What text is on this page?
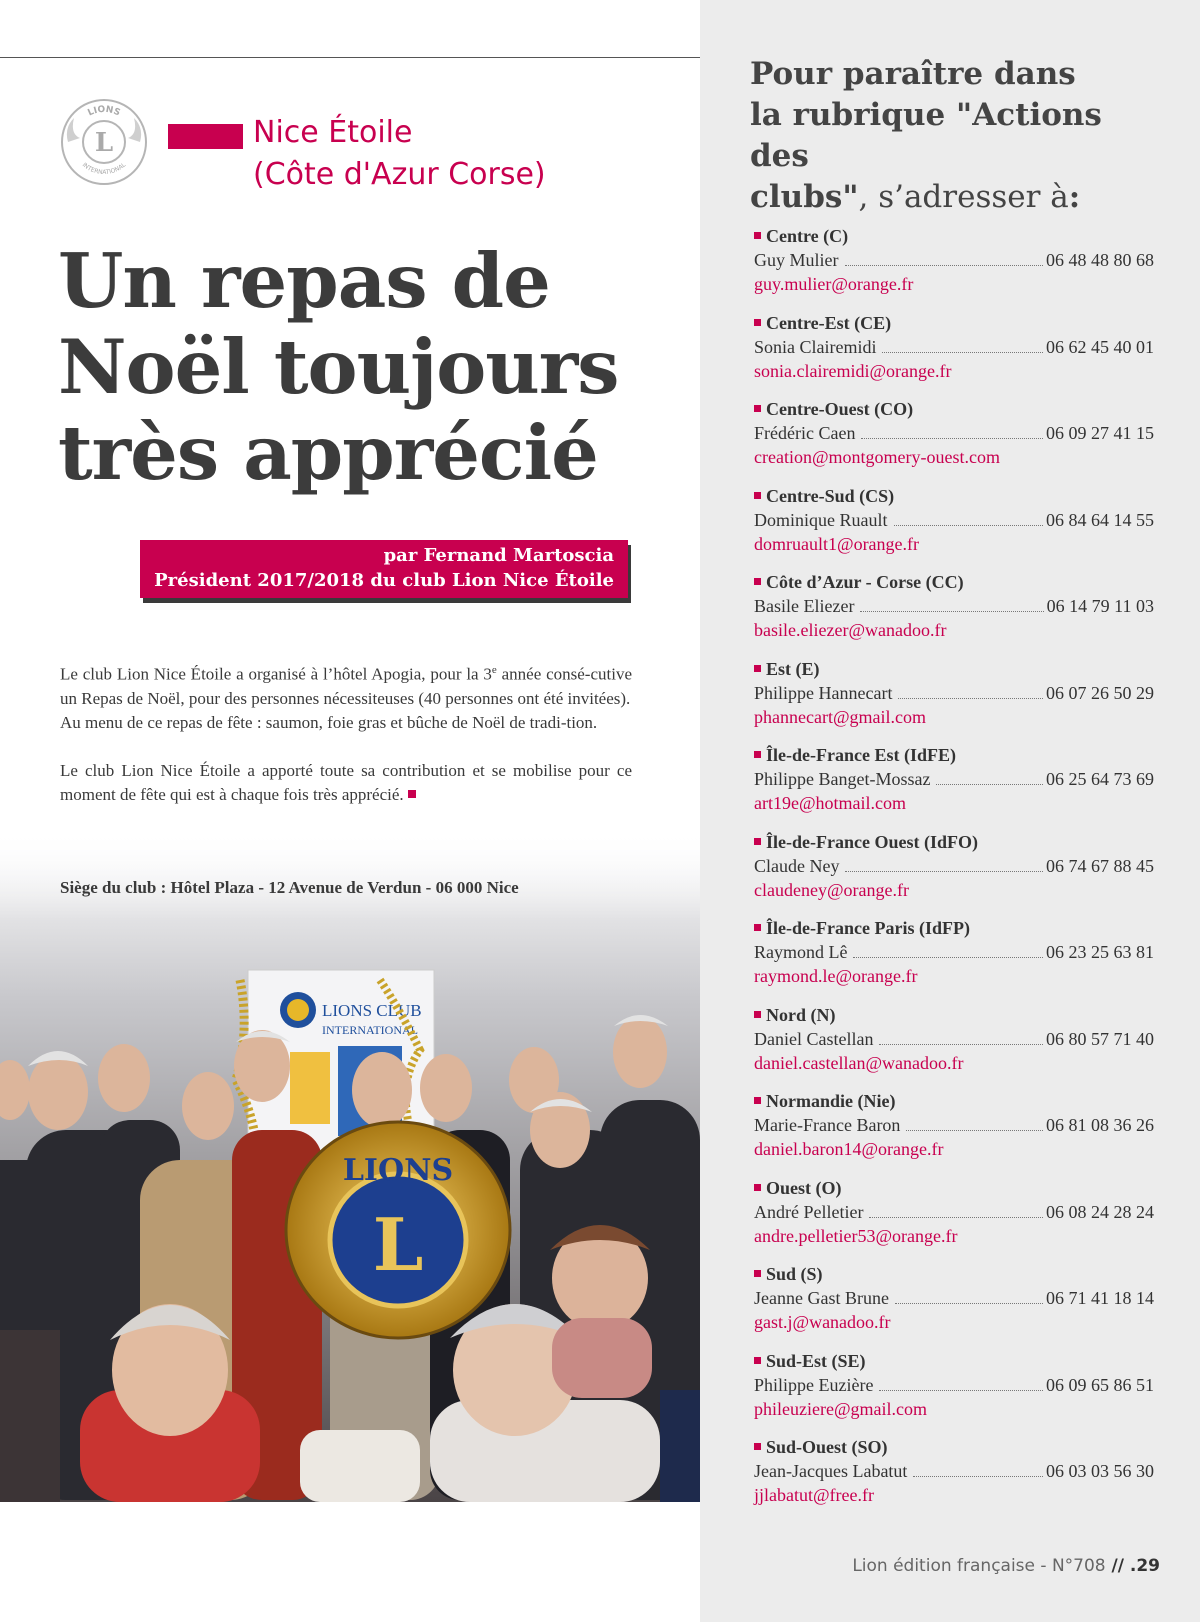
LIONS
INTERNATIONAL
L	Nice Étoile
(Côte d'Azur Corse)
Un repas de
Noël toujours
très apprécié
par Fernand Martoscia
Président 2017/2018 du club Lion Nice Étoile
LIONS CLUB
INTERNATIONAL
LIONS
L

Le club Lion Nice Étoile a organisé à l’hôtel Apogia, pour la 3e année consé-cutive un Repas de Noël, pour des personnes nécessiteuses (40 personnes ont été invitées).

Au menu de ce repas de fête : saumon, foie gras et bûche de Noël de tradi-tion.

Le club Lion Nice Étoile a apporté toute sa contribution et se mobilise pour ce moment de fête qui est à chaque fois très apprécié.

Siège du club : Hôtel Plaza - 12 Avenue de Verdun - 06 000 Nice
Pour paraître dans
la rubrique "Actions des
clubs", s’adresser à:
Centre (C)
Guy Mulier	06 48 48 80 68
guy.mulier@orange.fr
Centre-Est (CE)
Sonia Clairemidi	06 62 45 40 01
sonia.clairemidi@orange.fr
Centre-Ouest (CO)
Frédéric Caen	06 09 27 41 15
creation@montgomery-ouest.com
Centre-Sud (CS)
Dominique Ruault	06 84 64 14 55
domruault1@orange.fr
Côte d’Azur - Corse (CC)
Basile Eliezer	06 14 79 11 03
basile.eliezer@wanadoo.fr
Est (E)
Philippe Hannecart	06 07 26 50 29
phannecart@gmail.com
Île-de-France Est (IdFE)
Philippe Banget-Mossaz	06 25 64 73 69
art19e@hotmail.com
Île-de-France Ouest (IdFO)
Claude Ney	06 74 67 88 45
claudeney@orange.fr
Île-de-France Paris (IdFP)
Raymond Lê	06 23 25 63 81
raymond.le@orange.fr
Nord (N)
Daniel Castellan	06 80 57 71 40
daniel.castellan@wanadoo.fr
Normandie (Nie)
Marie-France Baron	06 81 08 36 26
daniel.baron14@orange.fr
Ouest (O)
André Pelletier	06 08 24 28 24
andre.pelletier53@orange.fr
Sud (S)
Jeanne Gast Brune	06 71 41 18 14
gast.j@wanadoo.fr
Sud-Est (SE)
Philippe Euzière	06 09 65 86 51
phileuziere@gmail.com
Sud-Ouest (SO)
Jean-Jacques Labatut	06 03 03 56 30
jjlabatut@free.fr
Lion édition française - N°708 // .29
